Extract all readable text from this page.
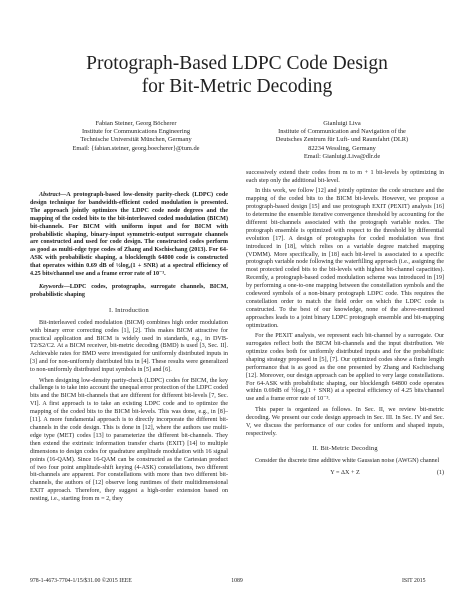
Protograph-Based LDPC Code Design
for Bit-Metric Decoding
Fabian Steiner, Georg Böcherer
Institute for Communications Engineering
Technische Universität München, Germany
Email: {fabian.steiner, georg.boecherer}@tum.de
Gianluigi Liva
Institute of Communication and Navigation of the
Deutsches Zentrum für Luft- und Raumfahrt (DLR)
82234 Wessling, Germany
Email: Gianluigi.Liva@dlr.de

Abstract—A protograph-based low-density parity-check (LDPC) code design technique for bandwidth-efficient coded modulation is presented. The approach jointly optimizes the LDPC code node degrees and the mapping of the coded bits to the bit-interleaved coded modulation (BICM) bit-channels. For BICM with uniform input and for BICM with probabilistic shaping, binary-input symmetric-output surrogate channels are constructed and used for code design. The constructed codes perform as good as multi-edge type codes of Zhang and Kschischang (2013). For 64-ASK with probabilistic shaping, a blocklength 64800 code is constructed that operates within 0.69 dB of ½log₂(1 + SNR) at a spectral efficiency of 4.25 bits/channel use and a frame error rate of 10⁻³.

Keywords—LDPC codes, protographs, surrogate channels, BICM, probabilistic shaping

I. Introduction

Bit-interleaved coded modulation (BICM) combines high order modulation with binary error correcting codes [1], [2]. This makes BICM attractive for practical application and BICM is widely used in standards, e.g., in DVB-T2/S2/C2. At a BICM receiver, bit-metric decoding (BMD) is used [3, Sec. II]. Achievable rates for BMD were investigated for uniformly distributed inputs in [3] and for non-uniformly distributed bits in [4]. These results were generalized to non-uniformly distributed input symbols in [5] and [6].

When designing low-density parity-check (LDPC) codes for BICM, the key challenge is to take into account the unequal error protection of the LDPC coded bits and the BICM bit-channels that are different for different bit-levels [7, Sec. VI]. A first approach is to take an existing LDPC code and to optimize the mapping of the coded bits to the BICM bit-levels. This was done, e.g., in [8]–[11]. A more fundamental approach is to directly incorporate the different bit-channels in the code design. This is done in [12], where the authors use multi-edge type (MET) codes [13] to parameterize the different bit-channels. They then extend the extrinsic information transfer charts (EXIT) [14] to multiple dimensions to design codes for quadrature amplitude modulation with 16 signal points (16-QAM). Since 16-QAM can be constructed as the Cartesian product of two four point amplitude-shift keying (4-ASK) constellations, two different bit-channels are apparent. For constellations with more than two different bit-channels, the authors of [12] observe long runtimes of their multidimensional EXIT approach. Therefore, they suggest a high-order extension based on nesting, i.e., starting from m = 2, they

successively extend their codes from m to m + 1 bit-levels by optimizing in each step only the additional bit-level.

In this work, we follow [12] and jointly optimize the code structure and the mapping of the coded bits to the BICM bit-levels. However, we propose a protograph-based design [15] and use protograph EXIT (PEXIT) analysis [16] to determine the ensemble iterative convergence threshold by accounting for the different bit-channels associated with the protograph variable nodes. The protograph ensemble is optimized with respect to the threshold by differential evolution [17]. A design of protographs for coded modulation was first introduced in [18], which relies on a variable degree matched mapping (VDMM). More specifically, in [18] each bit-level is associated to a specific protograph variable node following the waterfilling approach (i.e., assigning the most protected coded bits to the bit-levels with highest bit-channel capacities). Recently, a protograph-based coded modulation scheme was introduced in [19] by performing a one-to-one mapping between the constellation symbols and the codeword symbols of a non-binary protograph LDPC code. This requires the constellation order to match the field order on which the LDPC code is constructed. To the best of our knowledge, none of the above-mentioned approaches leads to a joint binary LDPC protograph ensemble and bit-mapping optimization.

For the PEXIT analysis, we represent each bit-channel by a surrogate. Our surrogates reflect both the BICM bit-channels and the input distribution. We optimize codes both for uniformly distributed inputs and for the probabilistic shaping strategy proposed in [5], [7]. Our optimized codes show a finite length performance that is as good as the one presented by Zhang and Kschischang [12]. Moreover, our design approach can be applied to very large constellations. For 64-ASK with probabilistic shaping, our blocklength 64800 code operates within 0.69dB of ½log₂(1 + SNR) at a spectral efficiency of 4.25 bits/channel use and a frame error rate of 10⁻³.

This paper is organized as follows. In Sec. II, we review bit-metric decoding. We present our code design approach in Sec. III. In Sec. IV and Sec. V, we discuss the performance of our codes for uniform and shaped inputs, respectively.

II. Bit-Metric Decoding

Consider the discrete time additive white Gaussian noise (AWGN) channel

Y = ΔX + Z	(1)
978-1-4673-7704-1/15/$31.00 ©2015 IEEE	1089	ISIT 2015
